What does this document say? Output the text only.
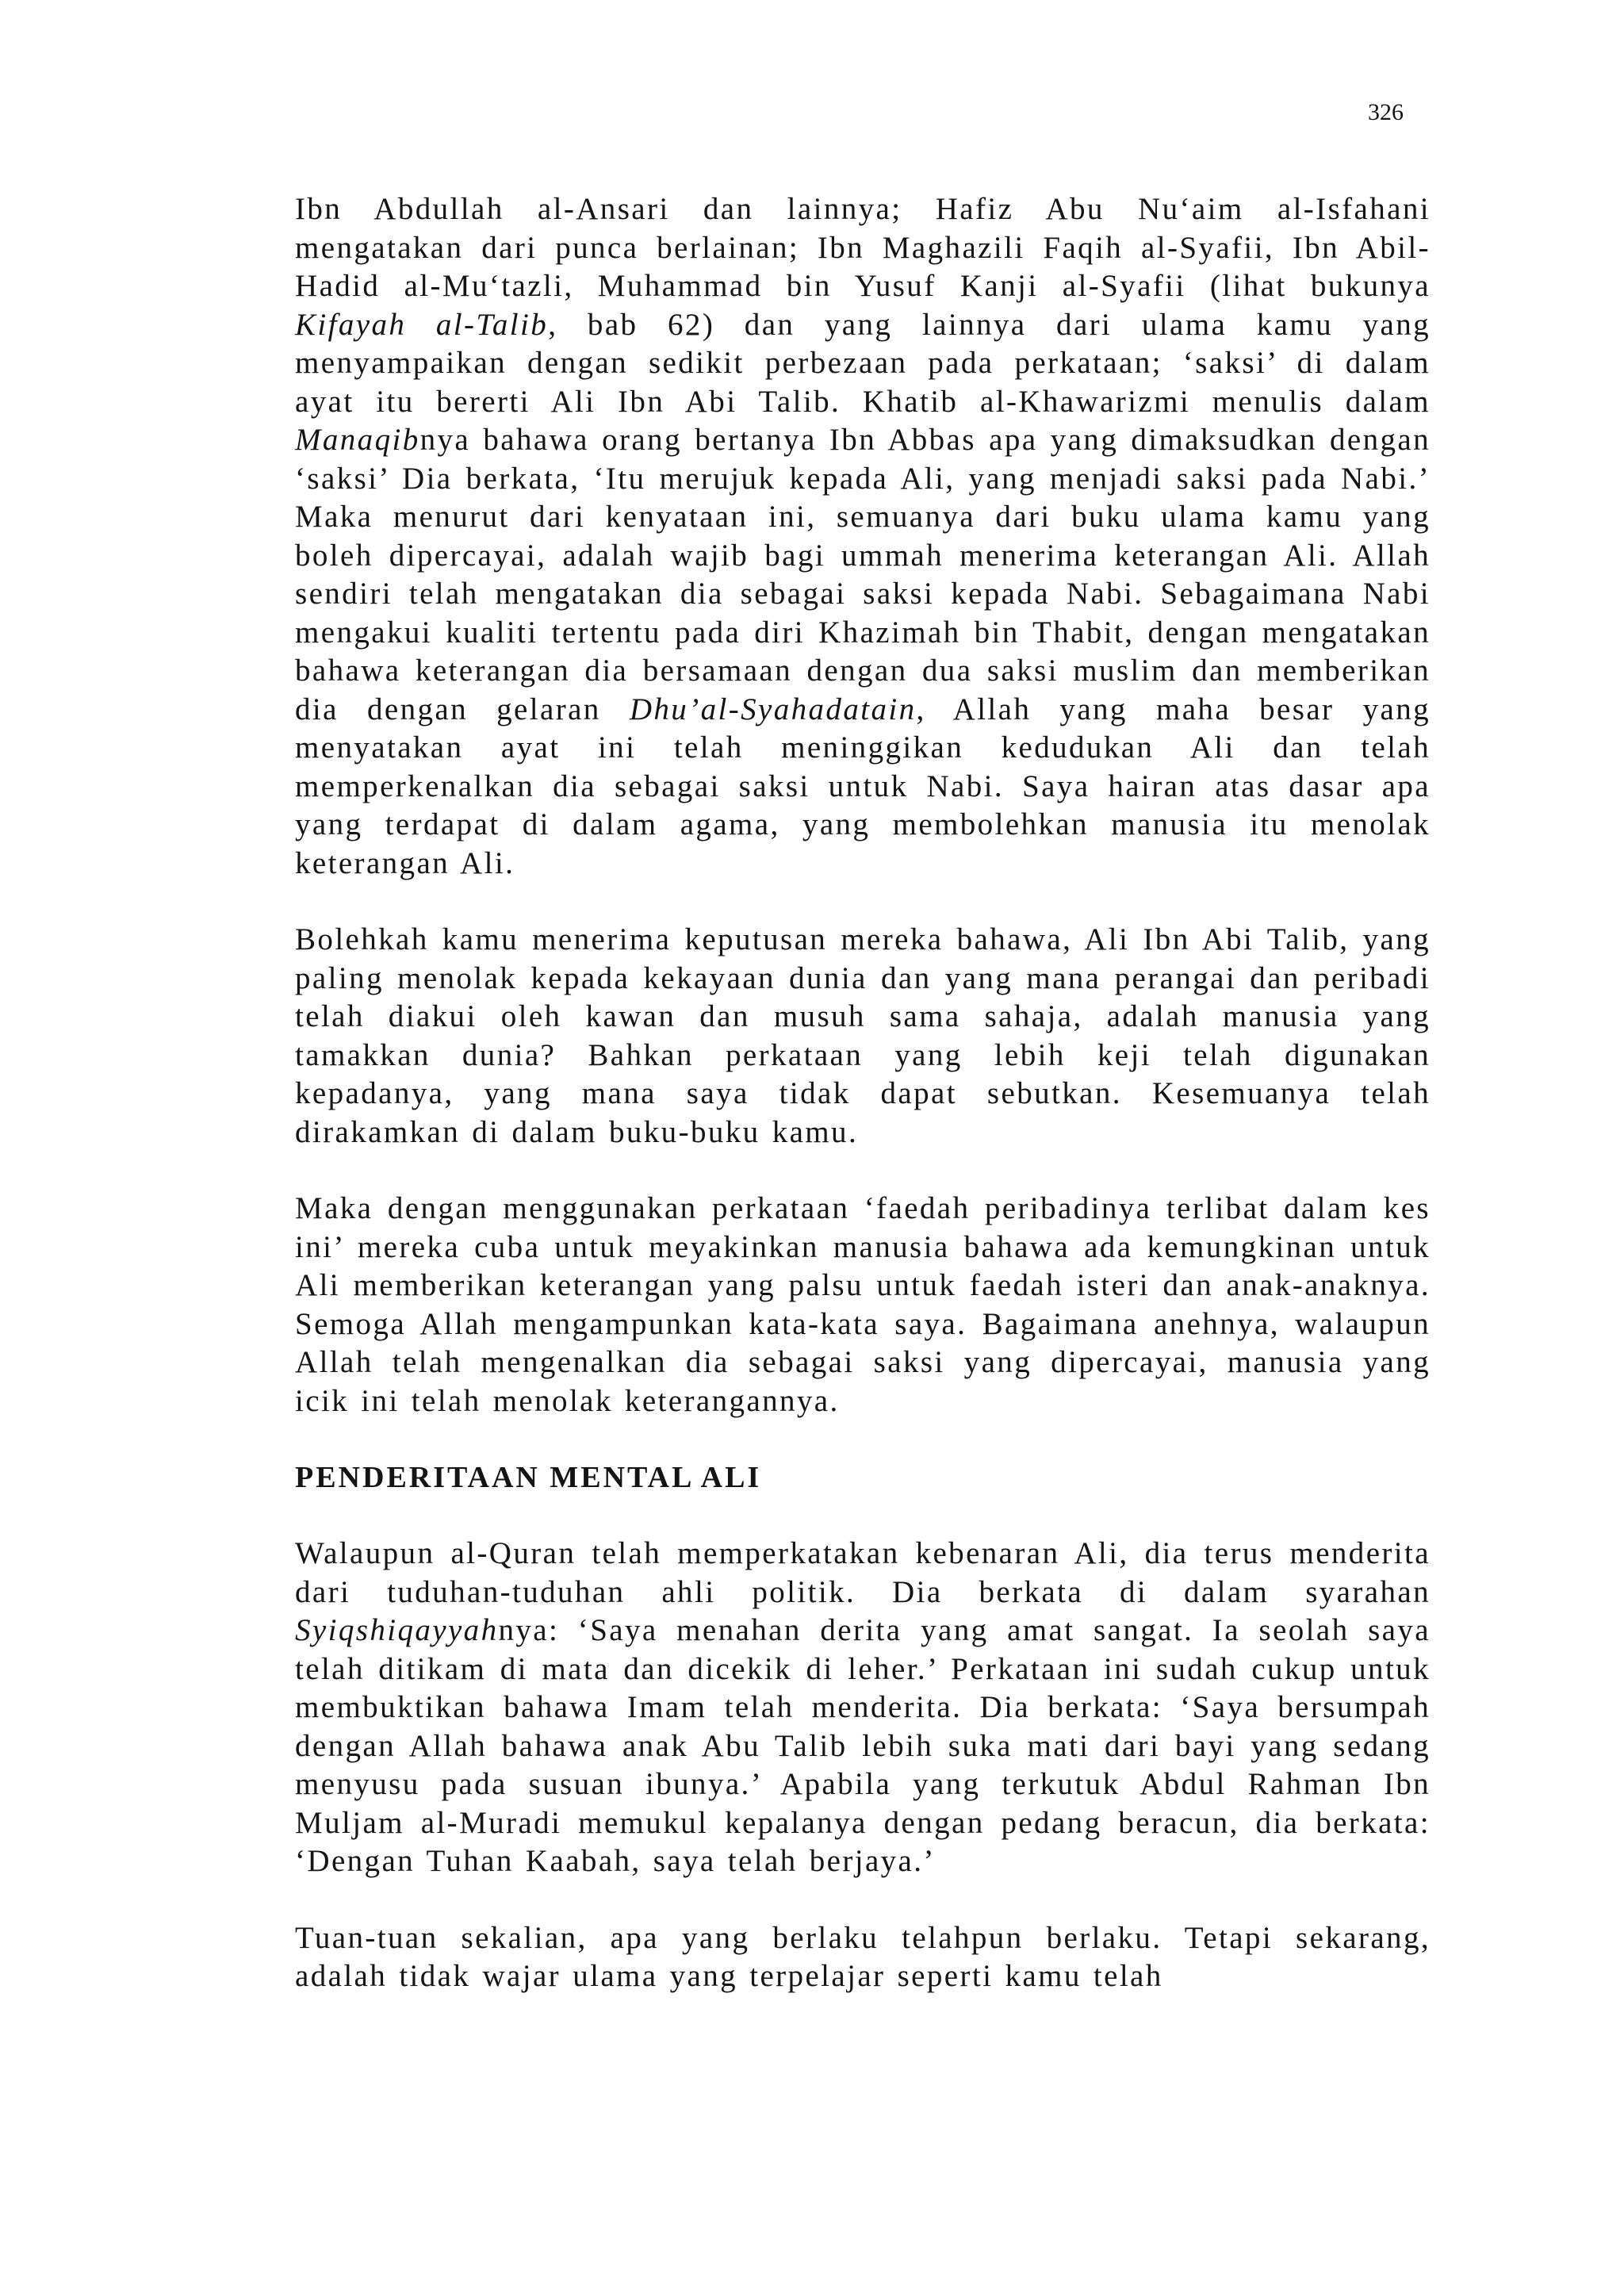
326

Ibn Abdullah al-Ansari dan lainnya; Hafiz Abu Nu‘aim al-Isfahani mengatakan dari punca berlainan; Ibn Maghazili Faqih al-Syafii, Ibn Abil-Hadid al-Mu‘tazli, Muhammad bin Yusuf Kanji al-Syafii (lihat bukunya Kifayah al-Talib, bab 62) dan yang lainnya dari ulama kamu yang menyampaikan dengan sedikit perbezaan pada perkataan; ‘saksi’ di dalam ayat itu bererti Ali Ibn Abi Talib. Khatib al-Khawarizmi menulis dalam Manaqibnya bahawa orang bertanya Ibn Abbas apa yang dimaksudkan dengan ‘saksi’ Dia berkata, ‘Itu merujuk kepada Ali, yang menjadi saksi pada Nabi.’ Maka menurut dari kenyataan ini, semuanya dari buku ulama kamu yang boleh dipercayai, adalah wajib bagi ummah menerima keterangan Ali. Allah sendiri telah mengatakan dia sebagai saksi kepada Nabi. Sebagaimana Nabi mengakui kualiti tertentu pada diri Khazimah bin Thabit, dengan mengatakan bahawa keterangan dia bersamaan dengan dua saksi muslim dan memberikan dia dengan gelaran Dhu’al-Syahadatain, Allah yang maha besar yang menyatakan ayat ini telah meninggikan kedudukan Ali dan telah memperkenalkan dia sebagai saksi untuk Nabi. Saya hairan atas dasar apa yang terdapat di dalam agama, yang membolehkan manusia itu menolak keterangan Ali.

Bolehkah kamu menerima keputusan mereka bahawa, Ali Ibn Abi Talib, yang paling menolak kepada kekayaan dunia dan yang mana perangai dan peribadi telah diakui oleh kawan dan musuh sama sahaja, adalah manusia yang tamakkan dunia? Bahkan perkataan yang lebih keji telah digunakan kepadanya, yang mana saya tidak dapat sebutkan. Kesemuanya telah dirakamkan di dalam buku-buku kamu.

Maka dengan menggunakan perkataan ‘faedah peribadinya terlibat dalam kes ini’ mereka cuba untuk meyakinkan manusia bahawa ada kemungkinan untuk Ali memberikan keterangan yang palsu untuk faedah isteri dan anak-anaknya. Semoga Allah mengampunkan kata-kata saya. Bagaimana anehnya, walaupun Allah telah mengenalkan dia sebagai saksi yang dipercayai, manusia yang icik ini telah menolak keterangannya.

PENDERITAAN MENTAL ALI

Walaupun al-Quran telah memperkatakan kebenaran Ali, dia terus menderita dari tuduhan-tuduhan ahli politik. Dia berkata di dalam syarahan Syiqshiqayyahnya: ‘Saya menahan derita yang amat sangat. Ia seolah saya telah ditikam di mata dan dicekik di leher.’ Perkataan ini sudah cukup untuk membuktikan bahawa Imam telah menderita. Dia berkata: ‘Saya bersumpah dengan Allah bahawa anak Abu Talib lebih suka mati dari bayi yang sedang menyusu pada susuan ibunya.’ Apabila yang terkutuk Abdul Rahman Ibn Muljam al-Muradi memukul kepalanya dengan pedang beracun, dia berkata: ‘Dengan Tuhan Kaabah, saya telah berjaya.’

Tuan-tuan sekalian, apa yang berlaku telahpun berlaku. Tetapi sekarang, adalah tidak wajar ulama yang terpelajar seperti kamu telah
